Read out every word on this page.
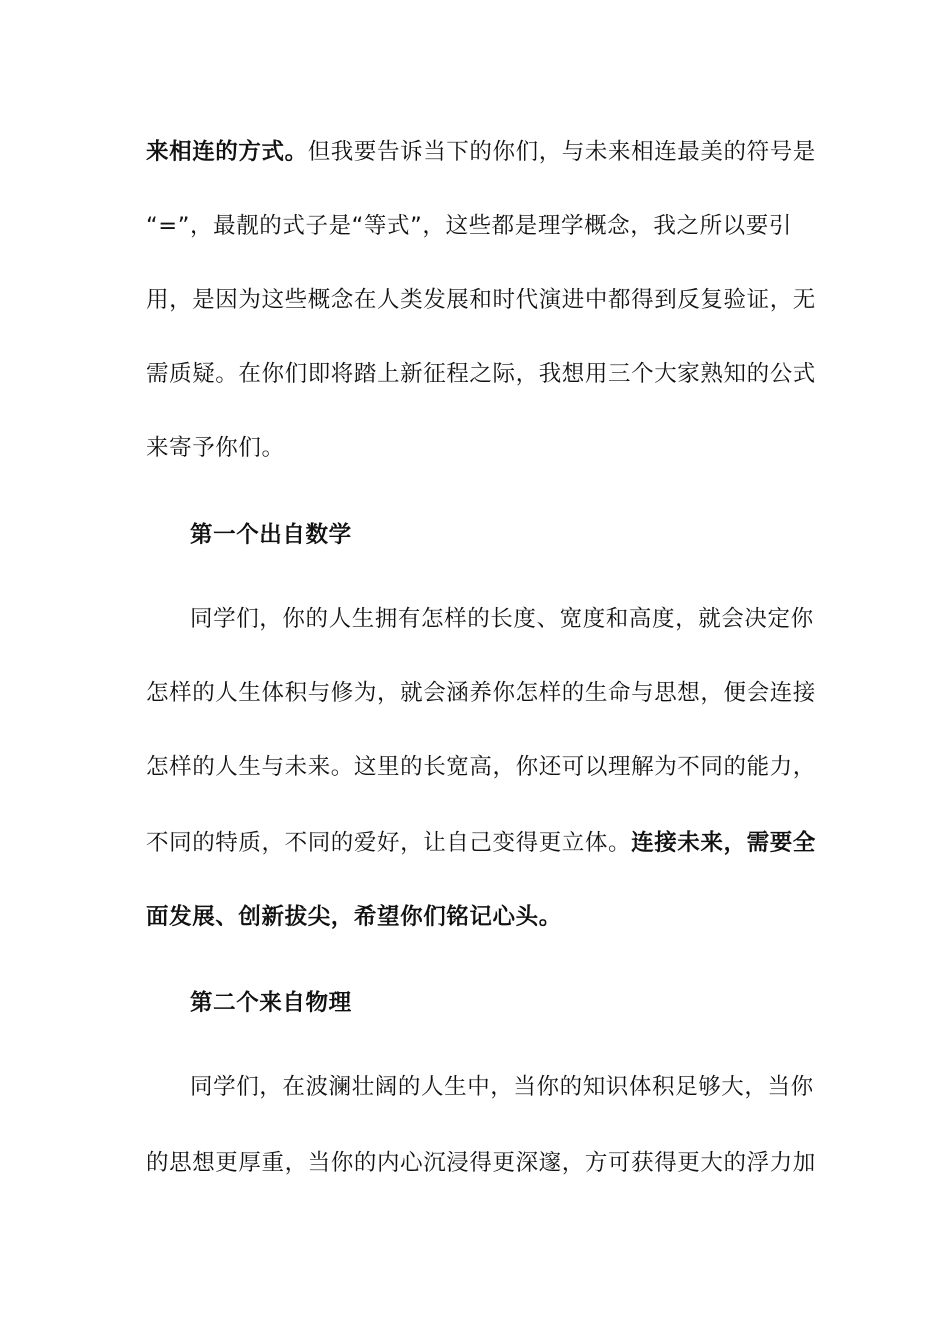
来相连的方式。但我要告诉当下的你们，与未来相连最美的符号是
“=”，最靓的式子是“等式”，这些都是理学概念，我之所以要引
用，是因为这些概念在人类发展和时代演进中都得到反复验证，无
需质疑。在你们即将踏上新征程之际，我想用三个大家熟知的公式
来寄予你们。
第一个出自数学
同学们，你的人生拥有怎样的长度、宽度和高度，就会决定你
怎样的人生体积与修为，就会涵养你怎样的生命与思想，便会连接
怎样的人生与未来。这里的长宽高，你还可以理解为不同的能力，
不同的特质，不同的爱好，让自己变得更立体。连接未来，需要全
面发展、创新拔尖，希望你们铭记心头。
第二个来自物理
同学们，在波澜壮阔的人生中，当你的知识体积足够大，当你
的思想更厚重，当你的内心沉浸得更深邃，方可获得更大的浮力加
